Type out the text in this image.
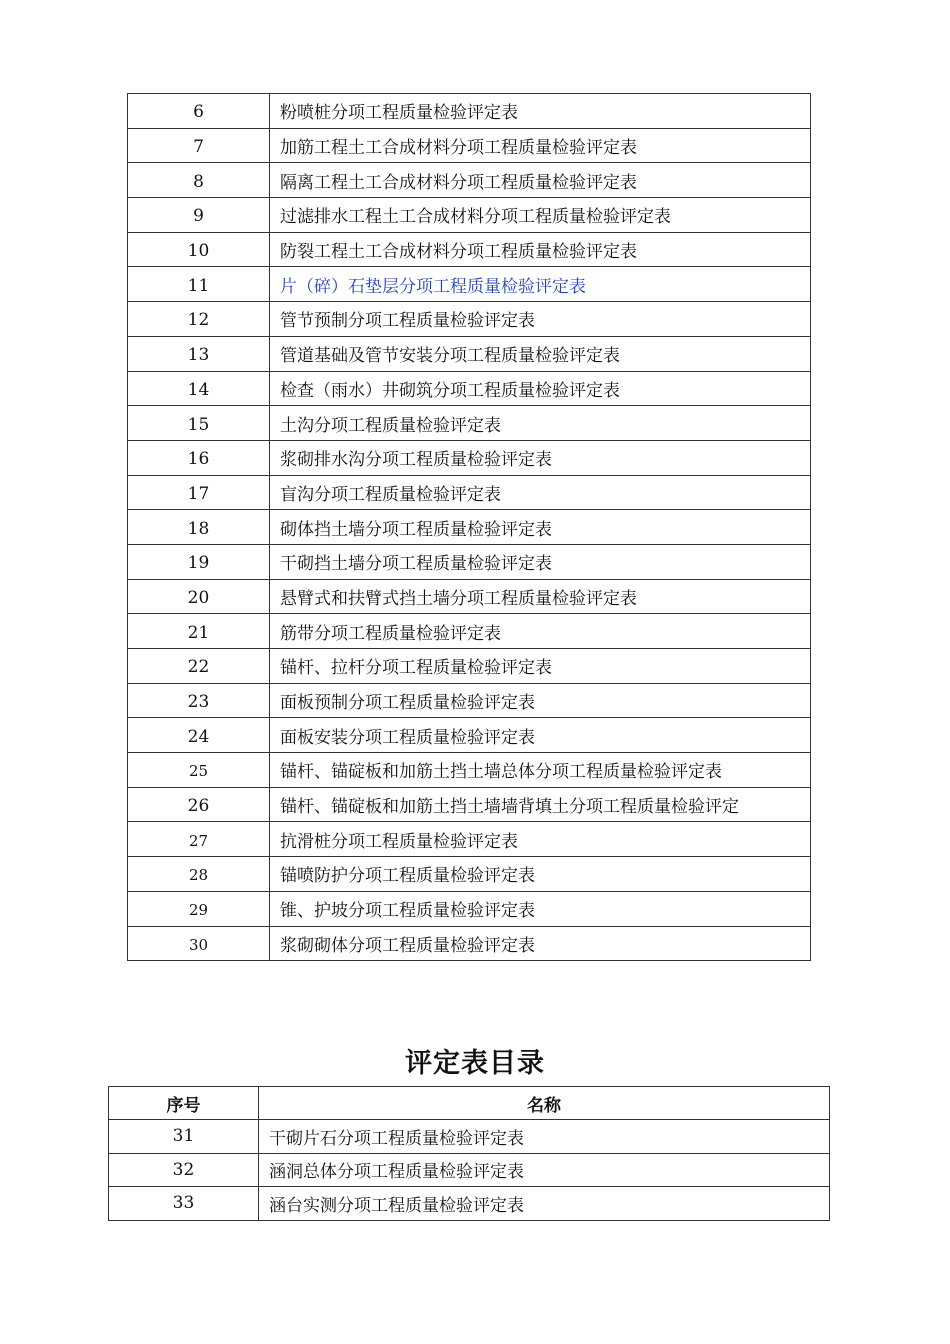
6	粉喷桩分项工程质量检验评定表
7	加筋工程土工合成材料分项工程质量检验评定表
8	隔离工程土工合成材料分项工程质量检验评定表
9	过滤排水工程土工合成材料分项工程质量检验评定表
10	防裂工程土工合成材料分项工程质量检验评定表
11	片（碎）石垫层分项工程质量检验评定表
12	管节预制分项工程质量检验评定表
13	管道基础及管节安装分项工程质量检验评定表
14	检查（雨水）井砌筑分项工程质量检验评定表
15	土沟分项工程质量检验评定表
16	浆砌排水沟分项工程质量检验评定表
17	盲沟分项工程质量检验评定表
18	砌体挡土墙分项工程质量检验评定表
19	干砌挡土墙分项工程质量检验评定表
20	悬臂式和扶臂式挡土墙分项工程质量检验评定表
21	筋带分项工程质量检验评定表
22	锚杆、拉杆分项工程质量检验评定表
23	面板预制分项工程质量检验评定表
24	面板安装分项工程质量检验评定表
25	锚杆、锚碇板和加筋土挡土墙总体分项工程质量检验评定表
26	锚杆、锚碇板和加筋土挡土墙墙背填土分项工程质量检验评定
27	抗滑桩分项工程质量检验评定表
28	锚喷防护分项工程质量检验评定表
29	锥、护坡分项工程质量检验评定表
30	浆砌砌体分项工程质量检验评定表
评定表目录
序号	名称
31	干砌片石分项工程质量检验评定表
32	涵洞总体分项工程质量检验评定表
33	涵台实测分项工程质量检验评定表
